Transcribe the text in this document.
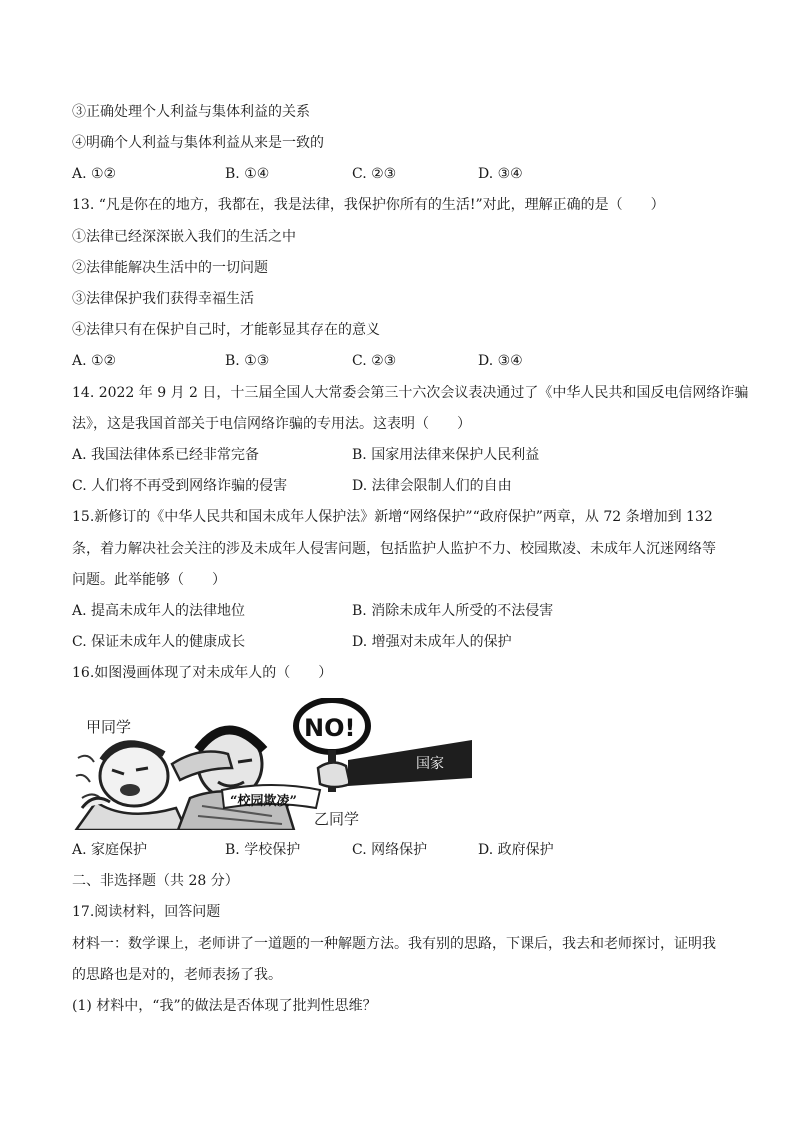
③正确处理个人利益与集体利益的关系
④明确个人利益与集体利益从来是一致的
A. ①②	B. ①④	C. ②③	D. ③④
13. “凡是你在的地方，我都在，我是法律，我保护你所有的生活!”对此，理解正确的是（　　）
①法律已经深深嵌入我们的生活之中
②法律能解决生活中的一切问题
③法律保护我们获得幸福生活
④法律只有在保护自己时，才能彰显其存在的意义
A. ①②	B. ①③	C. ②③	D. ③④
14. 2022 年 9 月 2 日，十三届全国人大常委会第三十六次会议表决通过了《中华人民共和国反电信网络诈骗
法》，这是我国首部关于电信网络诈骗的专用法。这表明（　　）
A. 我国法律体系已经非常完备	B. 国家用法律来保护人民利益
C. 人们将不再受到网络诈骗的侵害	D. 法律会限制人们的自由
15.新修订的《中华人民共和国未成年人保护法》新增“网络保护”“政府保护”两章，从 72 条增加到 132
条，着力解决社会关注的涉及未成年人侵害问题，包括监护人监护不力、校园欺凌、未成年人沉迷网络等
问题。此举能够（　　）
A. 提高未成年人的法律地位	B. 消除未成年人所受的不法侵害
C. 保证未成年人的健康成长	D. 增强对未成年人的保护
16.如图漫画体现了对未成年人的（　　）
甲同学
“校园欺凌”
NO!
国家
乙同学
A. 家庭保护	B. 学校保护	C. 网络保护	D. 政府保护
二、非选择题（共 28 分）
17.阅读材料，回答问题
材料一：数学课上，老师讲了一道题的一种解题方法。我有别的思路，下课后，我去和老师探讨，证明我
的思路也是对的，老师表扬了我。
(1) 材料中，“我”的做法是否体现了批判性思维？
